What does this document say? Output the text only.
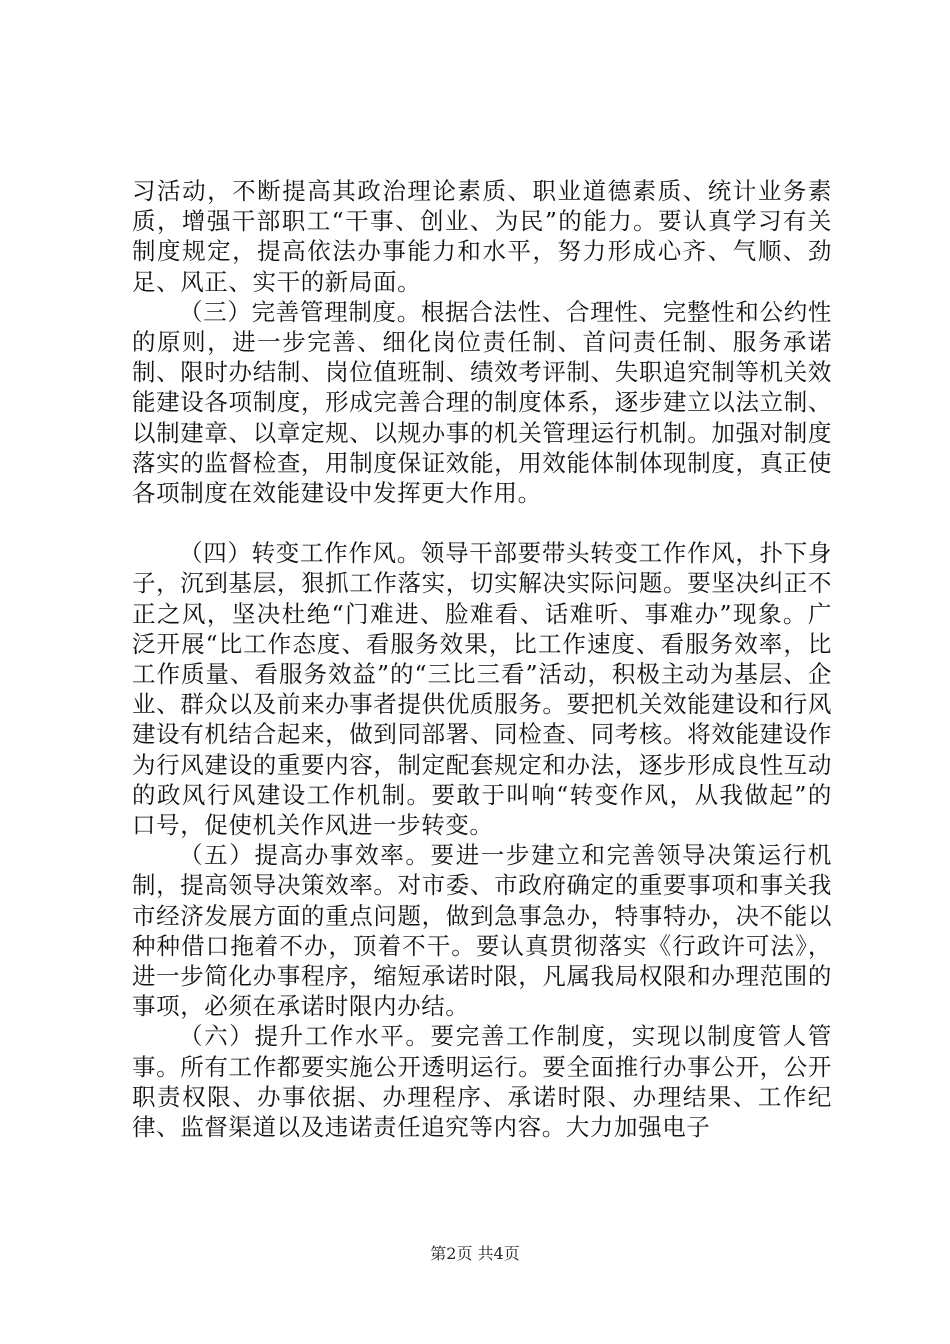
习活动，不断提高其政治理论素质、职业道德素质、统计业务素质，增强干部职工“干事、创业、为民”的能力。要认真学习有关制度规定，提高依法办事能力和水平，努力形成心齐、气顺、劲足、风正、实干的新局面。

（三）完善管理制度。根据合法性、合理性、完整性和公约性的原则，进一步完善、细化岗位责任制、首问责任制、服务承诺制、限时办结制、岗位值班制、绩效考评制、失职追究制等机关效能建设各项制度，形成完善合理的制度体系，逐步建立以法立制、以制建章、以章定规、以规办事的机关管理运行机制。加强对制度落实的监督检查，用制度保证效能，用效能体制体现制度，真正使各项制度在效能建设中发挥更大作用。

（四）转变工作作风。领导干部要带头转变工作作风，扑下身子，沉到基层，狠抓工作落实，切实解决实际问题。要坚决纠正不正之风，坚决杜绝“门难进、脸难看、话难听、事难办”现象。广泛开展“比工作态度、看服务效果，比工作速度、看服务效率，比工作质量、看服务效益”的“三比三看”活动，积极主动为基层、企业、群众以及前来办事者提供优质服务。要把机关效能建设和行风建设有机结合起来，做到同部署、同检查、同考核。将效能建设作为行风建设的重要内容，制定配套规定和办法，逐步形成良性互动的政风行风建设工作机制。要敢于叫响“转变作风，从我做起”的口号，促使机关作风进一步转变。

（五）提高办事效率。要进一步建立和完善领导决策运行机制，提高领导决策效率。对市委、市政府确定的重要事项和事关我市经济发展方面的重点问题，做到急事急办，特事特办，决不能以种种借口拖着不办，顶着不干。要认真贯彻落实《行政许可法》，进一步简化办事程序，缩短承诺时限，凡属我局权限和办理范围的事项，必须在承诺时限内办结。

（六）提升工作水平。要完善工作制度，实现以制度管人管事。所有工作都要实施公开透明运行。要全面推行办事公开，公开职责权限、办事依据、办理程序、承诺时限、办理结果、工作纪律、监督渠道以及违诺责任追究等内容。大力加强电子

第2页 共4页
